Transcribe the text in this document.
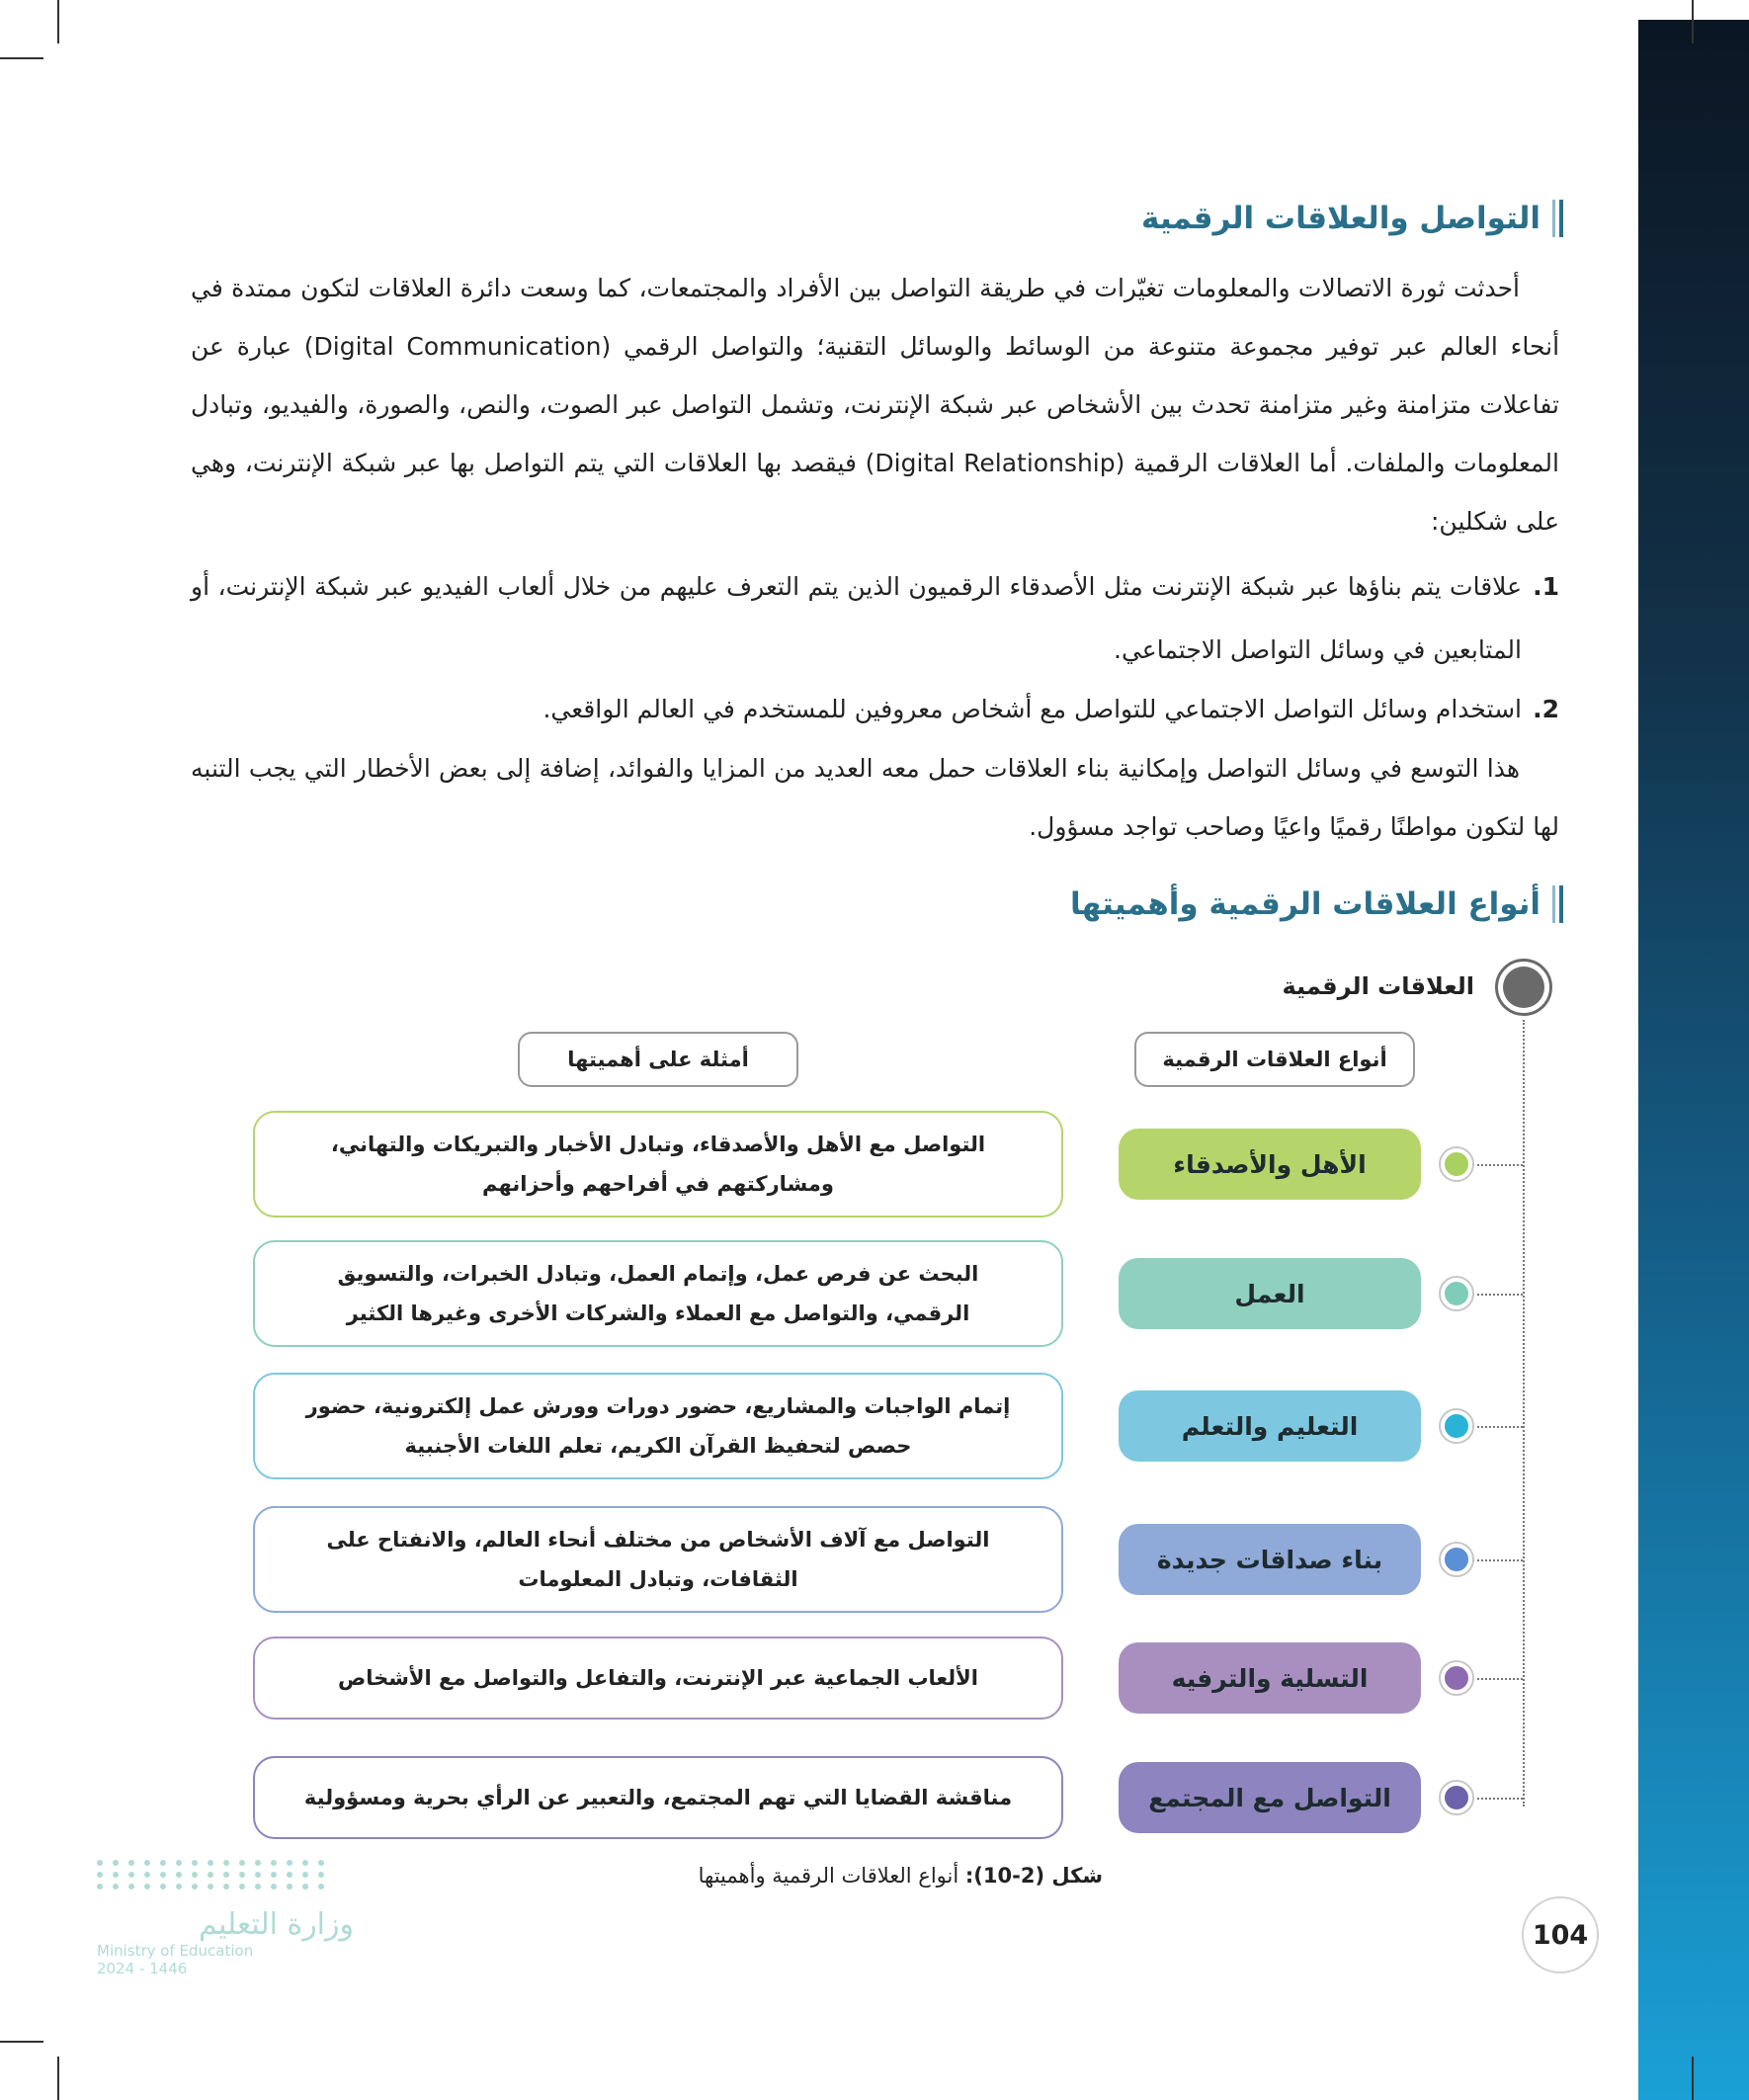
التواصل والعلاقات الرقمية

أحدثت ثورة الاتصالات والمعلومات تغيّرات في طريقة التواصل بين الأفراد والمجتمعات، كما وسعت دائرة العلاقات لتكون ممتدة في أنحاء العالم عبر توفير مجموعة متنوعة من الوسائط والوسائل التقنية؛ والتواصل الرقمي (Digital Communication) عبارة عن تفاعلات متزامنة وغير متزامنة تحدث بين الأشخاص عبر شبكة الإنترنت، وتشمل التواصل عبر الصوت، والنص، والصورة، والفيديو، وتبادل المعلومات والملفات. أما العلاقات الرقمية (Digital Relationship) فيقصد بها العلاقات التي يتم التواصل بها عبر شبكة الإنترنت، وهي على شكلين:

1.
علاقات يتم بناؤها عبر شبكة الإنترنت مثل الأصدقاء الرقميون الذين يتم التعرف عليهم من خلال ألعاب الفيديو عبر شبكة الإنترنت، أو المتابعين في وسائل التواصل الاجتماعي.
2.
استخدام وسائل التواصل الاجتماعي للتواصل مع أشخاص معروفين للمستخدم في العالم الواقعي.

هذا التوسع في وسائل التواصل وإمكانية بناء العلاقات حمل معه العديد من المزايا والفوائد، إضافة إلى بعض الأخطار التي يجب التنبه لها لتكون مواطنًا رقميًا واعيًا وصاحب تواجد مسؤول.

أنواع العلاقات الرقمية وأهميتها
العلاقات الرقمية
أنواع العلاقات الرقمية
أمثلة على أهميتها
الأهل والأصدقاء
التواصل مع الأهل والأصدقاء، وتبادل الأخبار والتبريكات والتهاني، ومشاركتهم في أفراحهم وأحزانهم
العمل
البحث عن فرص عمل، وإتمام العمل، وتبادل الخبرات، والتسويق الرقمي، والتواصل مع العملاء والشركات الأخرى وغيرها الكثير
التعليم والتعلم
إتمام الواجبات والمشاريع، حضور دورات وورش عمل إلكترونية، حضور حصص لتحفيظ القرآن الكريم، تعلم اللغات الأجنبية
بناء صداقات جديدة
التواصل مع آلاف الأشخاص من مختلف أنحاء العالم، والانفتاح على الثقافات، وتبادل المعلومات
التسلية والترفيه
الألعاب الجماعية عبر الإنترنت، والتفاعل والتواصل مع الأشخاص
التواصل مع المجتمع
مناقشة القضايا التي تهم المجتمع، والتعبير عن الرأي بحرية ومسؤولية
شكل (2-10): أنواع العلاقات الرقمية وأهميتها
104
وزارة التعليم
Ministry of Education
2024 - 1446
